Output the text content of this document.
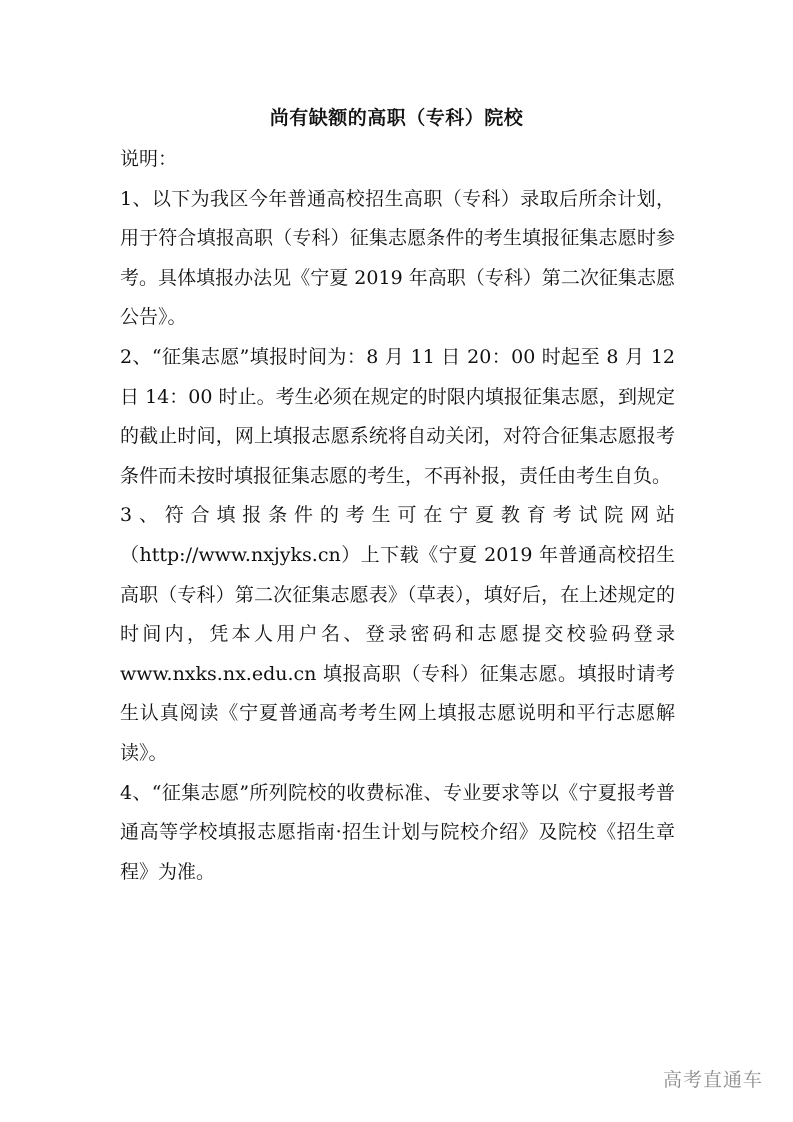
尚有缺额的高职（专科）院校

说明：

1、以下为我区今年普通高校招生高职（专科）录取后所余计划，用于符合填报高职（专科）征集志愿条件的考生填报征集志愿时参考。具体填报办法见《宁夏 2019 年高职（专科）第二次征集志愿公告》。

2、“征集志愿”填报时间为：8 月 11 日 20：00 时起至 8 月 12 日 14：00 时止。考生必须在规定的时限内填报征集志愿，到规定的截止时间，网上填报志愿系统将自动关闭，对符合征集志愿报考条件而未按时填报征集志愿的考生，不再补报，责任由考生自负。

3、符合填报条件的考生可在宁夏教育考试院网站（http://www.nxjyks.cn）上下载《宁夏 2019 年普通高校招生高职（专科）第二次征集志愿表》（草表），填好后，在上述规定的时间内，凭本人用户名、登录密码和志愿提交校验码登录 www.nxks.nx.edu.cn 填报高职（专科）征集志愿。填报时请考生认真阅读《宁夏普通高考考生网上填报志愿说明和平行志愿解读》。

4、“征集志愿”所列院校的收费标准、专业要求等以《宁夏报考普通高等学校填报志愿指南·招生计划与院校介绍》及院校《招生章程》为准。

高考直通车
